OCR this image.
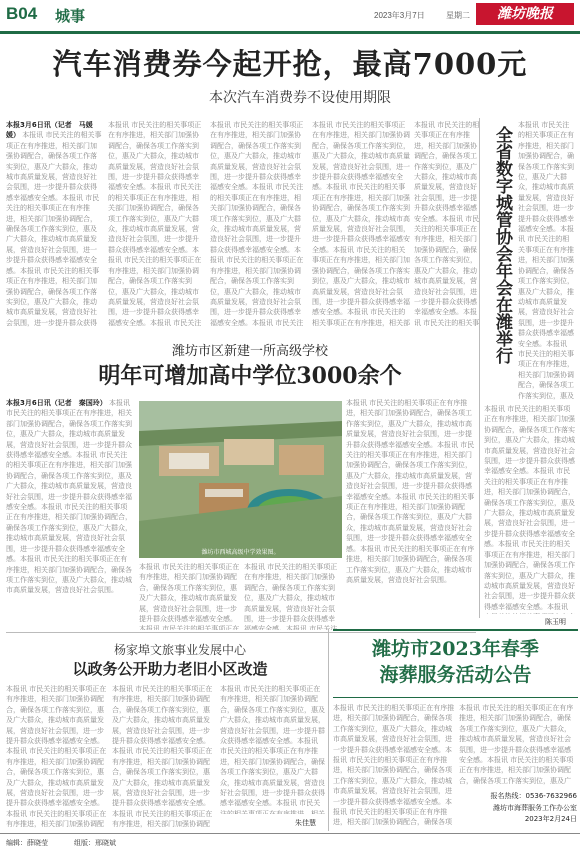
B04 城事	2023年3月7日	星期二	潍坊晚报
汽车消费券今起开抢，最高7000元
本次汽车消费券不设使用期限
本报3月6日讯（记者　马媛媛） 本报讯 市民关注的相关事项正在有序推进，相关部门加强协调配合，确保各项工作落实到位，惠及广大群众，推动城市高质量发展，营造良好社会氛围，进一步提升群众获得感幸福感安全感。本报讯 市民关注的相关事项正在有序推进，相关部门加强协调配合，确保各项工作落实到位，惠及广大群众，推动城市高质量发展，营造良好社会氛围，进一步提升群众获得感幸福感安全感。本报讯 市民关注的相关事项正在有序推进，相关部门加强协调配合，确保各项工作落实到位，惠及广大群众，推动城市高质量发展，营造良好社会氛围，进一步提升群众获得感幸福感安全感。本报讯 市民关注的相关事项正在有序推进，相关部门加强协调配合，确保各项工作落实到位，惠及广大群众，推动城市高质量发展，营造良好社会氛围。 本报讯 市民关注的相关事项正在有序推进，相关部门加强协调配合，确保各项工作落实到位，惠及广大群众，推动城市高质量发展，营造良好社会氛围，进一步提升群众获得感幸福感安全感。本报讯 市民关注的相关事项正在有序推进，相关部门加强协调配合，确保各项工作落实到位，惠及广大群众，推动城市高质量发展，营造良好社会氛围，进一步提升群众获得感幸福感安全感。本报讯 市民关注的相关事项正在有序推进，相关部门加强协调配合，确保各项工作落实到位，惠及广大群众，推动城市高质量发展，营造良好社会氛围，进一步提升群众获得感幸福感安全感。本报讯 市民关注的相关事项正在有序推进，相关部门加强协调配合，确保各项工作落实到位，惠及广大群众，推动城市高质量发展，营造良好社会氛围。 本报讯 市民关注的相关事项正在有序推进，相关部门加强协调配合，确保各项工作落实到位，惠及广大群众，推动城市高质量发展，营造良好社会氛围，进一步提升群众获得感幸福感安全感。本报讯 市民关注的相关事项正在有序推进，相关部门加强协调配合，确保各项工作落实到位，惠及广大群众，推动城市高质量发展，营造良好社会氛围，进一步提升群众获得感幸福感安全感。本报讯 市民关注的相关事项正在有序推进，相关部门加强协调配合，确保各项工作落实到位，惠及广大群众，推动城市高质量发展，营造良好社会氛围，进一步提升群众获得感幸福感安全感。本报讯 市民关注的相关事项正在有序推进，相关部门加强协调配合，确保各项工作落实到位，惠及广大群众，推动城市高质量发展，营造良好社会氛围。 本报讯 市民关注的相关事项正在有序推进，相关部门加强协调配合，确保各项工作落实到位，惠及广大群众，推动城市高质量发展，营造良好社会氛围，进一步提升群众获得感幸福感安全感。本报讯 市民关注的相关事项正在有序推进，相关部门加强协调配合，确保各项工作落实到位，惠及广大群众，推动城市高质量发展，营造良好社会氛围，进一步提升群众获得感幸福感安全感。本报讯 市民关注的相关事项正在有序推进，相关部门加强协调配合，确保各项工作落实到位，惠及广大群众，推动城市高质量发展，营造良好社会氛围，进一步提升群众获得感幸福感安全感。本报讯 市民关注的相关事项正在有序推进，相关部门加强协调配合，确保各项工作落实到位，惠及广大群众，推动城市高质量发展，营造良好社会氛围。 本报讯 市民关注的相关事项正在有序推进，相关部门加强协调配合，确保各项工作落实到位，惠及广大群众，推动城市高质量发展，营造良好社会氛围，进一步提升群众获得感幸福感安全感。本报讯 市民关注的相关事项正在有序推进，相关部门加强协调配合，确保各项工作落实到位，惠及广大群众，推动城市高质量发展，营造良好社会氛围，进一步提升群众获得感幸福感安全感。本报讯 市民关注的相关事项正在有序推进，相关部门加强协调配合，确保各项工作落实到位，惠及广大群众，推动城市高质量发展，营造良好社会氛围，进一步提升群众获得感幸福感安全感。本报讯 市民关注的相关事项正在有序推进，相关部门加强协调配合，确保各项工作落实到位，惠及广大群众，推动城市高质量发展，营造良好社会氛围。	全省数字城管协会年会在潍举行
本报讯 市民关注的相关事项正在有序推进，相关部门加强协调配合，确保各项工作落实到位，惠及广大群众，推动城市高质量发展，营造良好社会氛围，进一步提升群众获得感幸福感安全感。本报讯 市民关注的相关事项正在有序推进，相关部门加强协调配合，确保各项工作落实到位，惠及广大群众，推动城市高质量发展，营造良好社会氛围，进一步提升群众获得感幸福感安全感。本报讯 市民关注的相关事项正在有序推进，相关部门加强协调配合，确保各项工作落实到位，惠及广大群众，推动城市高质量发展，营造良好社会氛围，进一步提升群众获得感幸福感安全感。本报讯 市民关注的相关事项正在有序推进，相关部门加强协调配合，确保各项工作落实到位，惠及广大群众，推动城市高质量发展，营造良好社会氛围。
本报讯 市民关注的相关事项正在有序推进，相关部门加强协调配合，确保各项工作落实到位，惠及广大群众，推动城市高质量发展，营造良好社会氛围，进一步提升群众获得感幸福感安全感。本报讯 市民关注的相关事项正在有序推进，相关部门加强协调配合，确保各项工作落实到位，惠及广大群众，推动城市高质量发展，营造良好社会氛围，进一步提升群众获得感幸福感安全感。本报讯 市民关注的相关事项正在有序推进，相关部门加强协调配合，确保各项工作落实到位，惠及广大群众，推动城市高质量发展，营造良好社会氛围，进一步提升群众获得感幸福感安全感。本报讯 市民关注的相关事项正在有序推进，相关部门加强协调配合，确保各项工作落实到位，惠及广大群众，推动城市高质量发展，营造良好社会氛围。
陈玉明
潍坊市区新建一所高级学校
明年可增加高中学位3000余个
本报3月6日讯（记者　秦国玲） 本报讯 市民关注的相关事项正在有序推进，相关部门加强协调配合，确保各项工作落实到位，惠及广大群众，推动城市高质量发展，营造良好社会氛围，进一步提升群众获得感幸福感安全感。本报讯 市民关注的相关事项正在有序推进，相关部门加强协调配合，确保各项工作落实到位，惠及广大群众，推动城市高质量发展，营造良好社会氛围，进一步提升群众获得感幸福感安全感。本报讯 市民关注的相关事项正在有序推进，相关部门加强协调配合，确保各项工作落实到位，惠及广大群众，推动城市高质量发展，营造良好社会氛围，进一步提升群众获得感幸福感安全感。本报讯 市民关注的相关事项正在有序推进，相关部门加强协调配合，确保各项工作落实到位，惠及广大群众，推动城市高质量发展，营造良好社会氛围。
潍坊市西城高级中学效果图。
本报讯 市民关注的相关事项正在有序推进，相关部门加强协调配合，确保各项工作落实到位，惠及广大群众，推动城市高质量发展，营造良好社会氛围，进一步提升群众获得感幸福感安全感。本报讯 市民关注的相关事项正在有序推进，相关部门加强协调配合，确保各项工作落实到位，惠及广大群众，推动城市高质量发展，营造良好社会氛围，进一步提升群众获得感幸福感安全感。本报讯 市民关注的相关事项正在有序推进，相关部门加强协调配合，确保各项工作落实到位，惠及广大群众，推动城市高质量发展，营造良好社会氛围，进一步提升群众获得感幸福感安全感。本报讯 市民关注的相关事项正在有序推进，相关部门加强协调配合，确保各项工作落实到位，惠及广大群众，推动城市高质量发展，营造良好社会氛围。
本报讯 市民关注的相关事项正在有序推进，相关部门加强协调配合，确保各项工作落实到位，惠及广大群众，推动城市高质量发展，营造良好社会氛围，进一步提升群众获得感幸福感安全感。本报讯 市民关注的相关事项正在有序推进，相关部门加强协调配合，确保各项工作落实到位，惠及广大群众，推动城市高质量发展，营造良好社会氛围，进一步提升群众获得感幸福感安全感。本报讯 市民关注的相关事项正在有序推进，相关部门加强协调配合，确保各项工作落实到位，惠及广大群众，推动城市高质量发展，营造良好社会氛围，进一步提升群众获得感幸福感安全感。本报讯 市民关注的相关事项正在有序推进，相关部门加强协调配合，确保各项工作落实到位，惠及广大群众，推动城市高质量发展，营造良好社会氛围。
本报讯 市民关注的相关事项正在有序推进，相关部门加强协调配合，确保各项工作落实到位，惠及广大群众，推动城市高质量发展，营造良好社会氛围，进一步提升群众获得感幸福感安全感。本报讯 市民关注的相关事项正在有序推进，相关部门加强协调配合，确保各项工作落实到位，惠及广大群众，推动城市高质量发展，营造良好社会氛围，进一步提升群众获得感幸福感安全感。本报讯 市民关注的相关事项正在有序推进，相关部门加强协调配合，确保各项工作落实到位，惠及广大群众，推动城市高质量发展，营造良好社会氛围，进一步提升群众获得感幸福感安全感。本报讯 市民关注的相关事项正在有序推进，相关部门加强协调配合，确保各项工作落实到位，惠及广大群众，推动城市高质量发展，营造良好社会氛围。
杨家埠文旅事业发展中心
以政务公开助力老旧小区改造
本报讯 市民关注的相关事项正在有序推进，相关部门加强协调配合，确保各项工作落实到位，惠及广大群众，推动城市高质量发展，营造良好社会氛围，进一步提升群众获得感幸福感安全感。本报讯 市民关注的相关事项正在有序推进，相关部门加强协调配合，确保各项工作落实到位，惠及广大群众，推动城市高质量发展，营造良好社会氛围，进一步提升群众获得感幸福感安全感。本报讯 市民关注的相关事项正在有序推进，相关部门加强协调配合，确保各项工作落实到位，惠及广大群众，推动城市高质量发展，营造良好社会氛围，进一步提升群众获得感幸福感安全感。本报讯 市民关注的相关事项正在有序推进，相关部门加强协调配合，确保各项工作落实到位，惠及广大群众，推动城市高质量发展，营造良好社会氛围。
本报讯 市民关注的相关事项正在有序推进，相关部门加强协调配合，确保各项工作落实到位，惠及广大群众，推动城市高质量发展，营造良好社会氛围，进一步提升群众获得感幸福感安全感。本报讯 市民关注的相关事项正在有序推进，相关部门加强协调配合，确保各项工作落实到位，惠及广大群众，推动城市高质量发展，营造良好社会氛围，进一步提升群众获得感幸福感安全感。本报讯 市民关注的相关事项正在有序推进，相关部门加强协调配合，确保各项工作落实到位，惠及广大群众，推动城市高质量发展，营造良好社会氛围，进一步提升群众获得感幸福感安全感。本报讯 市民关注的相关事项正在有序推进，相关部门加强协调配合，确保各项工作落实到位，惠及广大群众，推动城市高质量发展，营造良好社会氛围。
本报讯 市民关注的相关事项正在有序推进，相关部门加强协调配合，确保各项工作落实到位，惠及广大群众，推动城市高质量发展，营造良好社会氛围，进一步提升群众获得感幸福感安全感。本报讯 市民关注的相关事项正在有序推进，相关部门加强协调配合，确保各项工作落实到位，惠及广大群众，推动城市高质量发展，营造良好社会氛围，进一步提升群众获得感幸福感安全感。本报讯 市民关注的相关事项正在有序推进，相关部门加强协调配合，确保各项工作落实到位，惠及广大群众，推动城市高质量发展，营造良好社会氛围，进一步提升群众获得感幸福感安全感。本报讯 市民关注的相关事项正在有序推进，相关部门加强协调配合，确保各项工作落实到位，惠及广大群众，推动城市高质量发展，营造良好社会氛围。
朱佳慧
潍坊市2023年春季
海葬服务活动公告
本报讯 市民关注的相关事项正在有序推进，相关部门加强协调配合，确保各项工作落实到位，惠及广大群众，推动城市高质量发展，营造良好社会氛围，进一步提升群众获得感幸福感安全感。本报讯 市民关注的相关事项正在有序推进，相关部门加强协调配合，确保各项工作落实到位，惠及广大群众，推动城市高质量发展，营造良好社会氛围，进一步提升群众获得感幸福感安全感。本报讯 市民关注的相关事项正在有序推进，相关部门加强协调配合，确保各项工作落实到位，惠及广大群众，推动城市高质量发展，营造良好社会氛围，进一步提升群众获得感幸福感安全感。本报讯 市民关注的相关事项正在有序推进，相关部门加强协调配合，确保各项工作落实到位，惠及广大群众，推动城市高质量发展，营造良好社会氛围。
本报讯 市民关注的相关事项正在有序推进，相关部门加强协调配合，确保各项工作落实到位，惠及广大群众，推动城市高质量发展，营造良好社会氛围，进一步提升群众获得感幸福感安全感。本报讯 市民关注的相关事项正在有序推进，相关部门加强协调配合，确保各项工作落实到位，惠及广大群众，推动城市高质量发展，营造良好社会氛围，进一步提升群众获得感幸福感安全感。本报讯 市民关注的相关事项正在有序推进，相关部门加强协调配合，确保各项工作落实到位，惠及广大群众，推动城市高质量发展，营造良好社会氛围，进一步提升群众获得感幸福感安全感。本报讯 市民关注的相关事项正在有序推进，相关部门加强协调配合，确保各项工作落实到位，惠及广大群众，推动城市高质量发展，营造良好社会氛围。
报名热线：0536-7632966
潍坊市海葬服务工作办公室
2023年2月24日
编辑：薛晓莹	组版：邢晓斌
